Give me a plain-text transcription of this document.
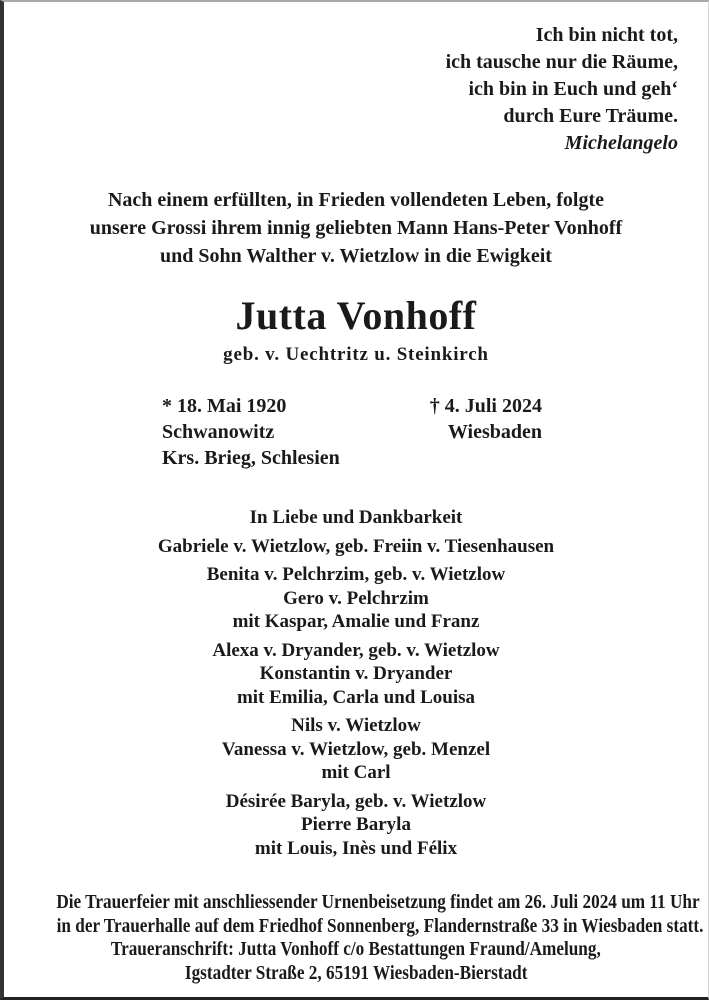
Ich bin nicht tot,
ich tausche nur die Räume,
ich bin in Euch und geh‘
durch Eure Träume.
Michelangelo
Nach einem erfüllten, in Frieden vollendeten Leben, folgte
unsere Grossi ihrem innig geliebten Mann Hans-Peter Vonhoff
und Sohn Walther v. Wietzlow in die Ewigkeit
Jutta Vonhoff
geb. v. Uechtritz u. Steinkirch
* 18. Mai 1920
Schwanowitz
Krs. Brieg, Schlesien
† 4. Juli 2024
Wiesbaden
In Liebe und Dankbarkeit
Gabriele v. Wietzlow, geb. Freiin v. Tiesenhausen
Benita v. Pelchrzim, geb. v. Wietzlow
Gero v. Pelchrzim
mit Kaspar, Amalie und Franz
Alexa v. Dryander, geb. v. Wietzlow
Konstantin v. Dryander
mit Emilia, Carla und Louisa
Nils v. Wietzlow
Vanessa v. Wietzlow, geb. Menzel
mit Carl
Désirée Baryla, geb. v. Wietzlow
Pierre Baryla
mit Louis, Inès und Félix
Die Trauerfeier mit anschliessender Urnenbeisetzung findet am 26. Juli 2024 um 11 Uhr
in der Trauerhalle auf dem Friedhof Sonnenberg, Flandernstraße 33 in Wiesbaden statt.
Traueranschrift: Jutta Vonhoff c/o Bestattungen Fraund/Amelung,
Igstadter Straße 2, 65191 Wiesbaden-Bierstadt
